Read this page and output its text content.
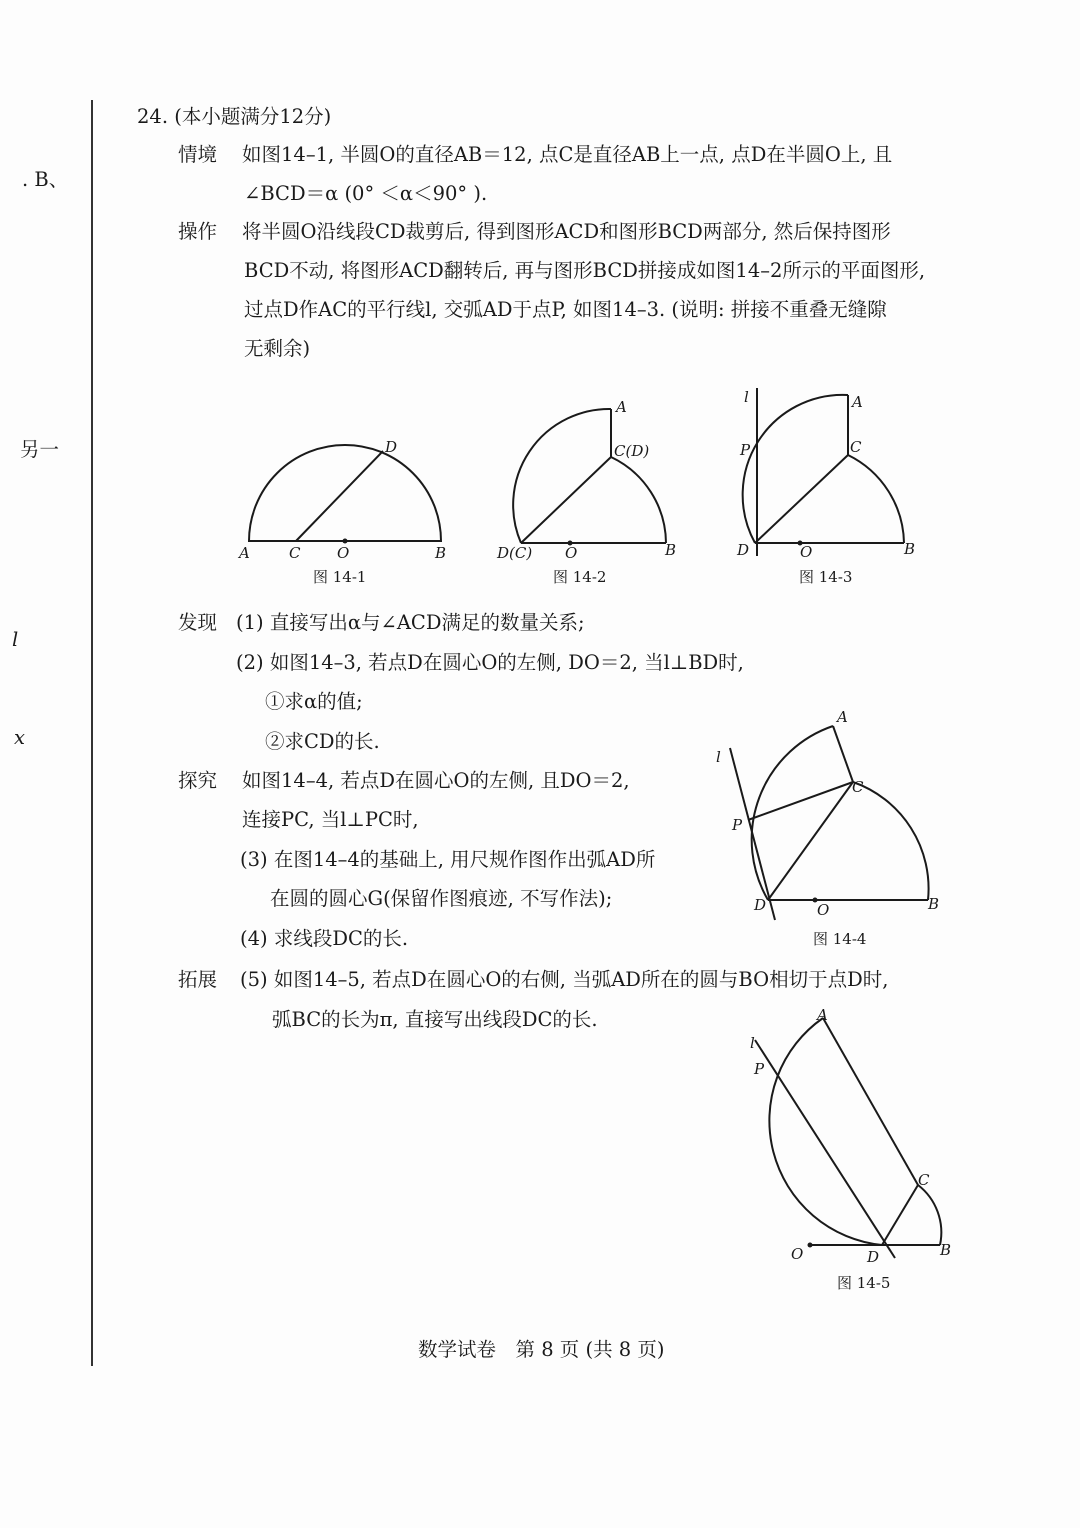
. B、
另一
l
x
24. (本小题满分12分)
情境 如图14–1, 半圆O的直径AB＝12, 点C是直径AB上一点, 点D在半圆O上, 且
∠BCD＝α (0° ＜α＜90° ).
操作 将半圆O沿线段CD裁剪后, 得到图形ACD和图形BCD两部分, 然后保持图形
BCD不动, 将图形ACD翻转后, 再与图形BCD拼接成如图14–2所示的平面图形,
过点D作AC的平行线l, 交弧AD于点P, 如图14–3. (说明: 拼接不重叠无缝隙
无剩余)
发现 (1) 直接写出α与∠ACD满足的数量关系;
(2) 如图14–3, 若点D在圆心O的左侧, DO＝2, 当l⊥BD时,
①求α的值;
②求CD的长.
探究 如图14–4, 若点D在圆心O的左侧, 且DO＝2,
连接PC, 当l⊥PC时,
(3) 在图14–4的基础上, 用尺规作图作出弧AD所
在圆的圆心G(保留作图痕迹, 不写作法);
(4) 求线段DC的长.
拓展 (5) 如图14–5, 若点D在圆心O的右侧, 当弧AD所在的圆与BO相切于点D时,
弧BC的长为π, 直接写出线段DC的长.
数学试卷　第 8 页 (共 8 页)
A	C O	B
D
图 14-1
A
C(D)
D(C) O	B
图 14-2
l	A
C
P
D	O	B
图 14-3
l
A
C
P
D	O	B
图 14-4
l
A
P
C
O	D	B
图 14-5
